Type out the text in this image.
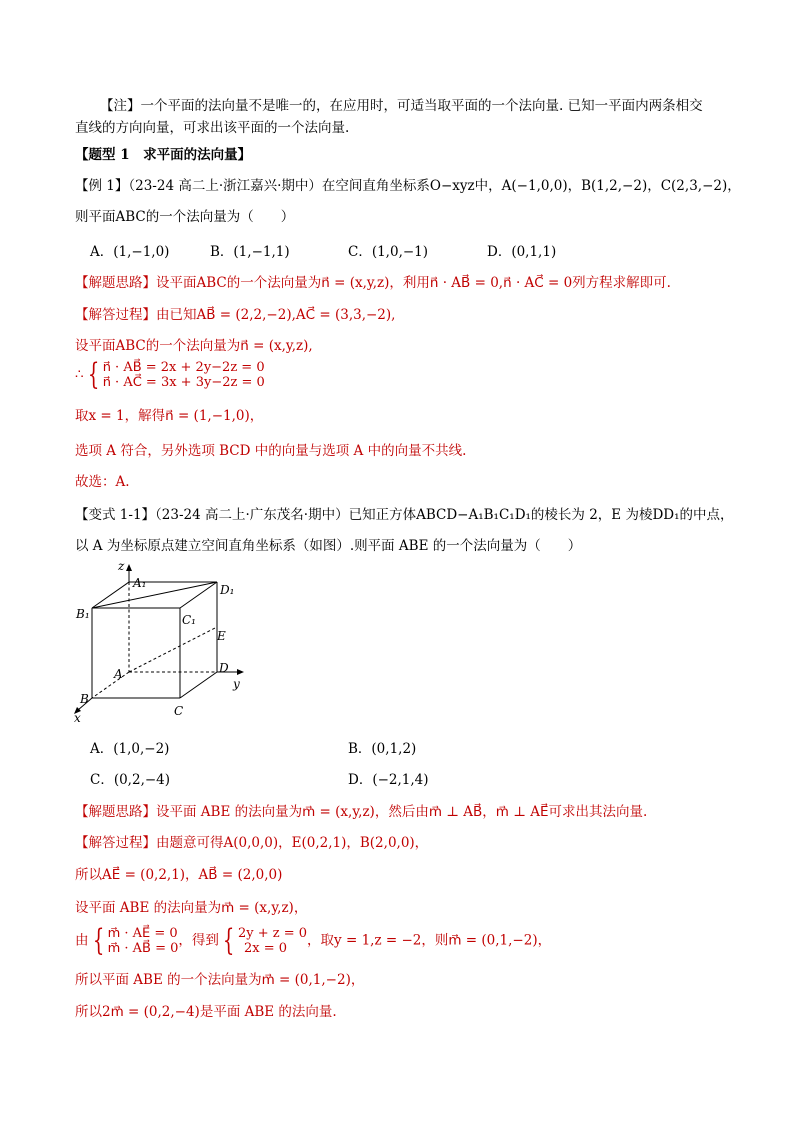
【注】一个平面的法向量不是唯一的，在应用时，可适当取平面的一个法向量. 已知一平面内两条相交
直线的方向向量，可求出该平面的一个法向量.
【题型 1　求平面的法向量】
【例 1】（23-24 高二上·浙江嘉兴·期中）在空间直角坐标系O−xyz中，A(−1,0,0)，B(1,2,−2)，C(2,3,−2)，
则平面ABC的一个法向量为（　　）
A．(1,−1,0)	B．(1,−1,1)	C．(1,0,−1)	D．(0,1,1)
【解题思路】设平面ABC的一个法向量为n⃗ = (x,y,z)，利用n⃗ · AB⃗ = 0,n⃗ · AC⃗ = 0列方程求解即可.
【解答过程】由已知AB⃗ = (2,2,−2),AC⃗ = (3,3,−2),
设平面ABC的一个法向量为n⃗ = (x,y,z),
∴ { n⃗ · AB⃗ = 2x + 2y−2z = 0
n⃗ · AC⃗ = 3x + 3y−2z = 0
取x = 1，解得n⃗ = (1,−1,0)，
选项 A 符合，另外选项 BCD 中的向量与选项 A 中的向量不共线.
故选：A.
【变式 1-1】（23-24 高二上·广东茂名·期中）已知正方体ABCD−A₁B₁C₁D₁的棱长为 2，E 为棱DD₁的中点，
以 A 为坐标原点建立空间直角坐标系（如图）.则平面 ABE 的一个法向量为（　　）
z
y
x
A₁
B₁	C₁
D₁
A
B
C
D
E
A．(1,0,−2)	B．(0,1,2)
C．(0,2,−4)	D．(−2,1,4)
【解题思路】设平面 ABE 的法向量为m⃗ = (x,y,z)，然后由m⃗ ⊥ AB⃗，m⃗ ⊥ AE⃗可求出其法向量.
【解答过程】由题意可得A(0,0,0)，E(0,2,1)，B(2,0,0)，
所以AE⃗ = (0,2,1)，AB⃗ = (2,0,0)
设平面 ABE 的法向量为m⃗ = (x,y,z)，
由 { m⃗ · AE⃗ = 0
m⃗ · AB⃗ = 0 ，得到 { 2y + z = 0
2x = 0	，取y = 1,z = −2，则m⃗ = (0,1,−2)，
所以平面 ABE 的一个法向量为m⃗ = (0,1,−2)，
所以2m⃗ = (0,2,−4)是平面 ABE 的法向量.
